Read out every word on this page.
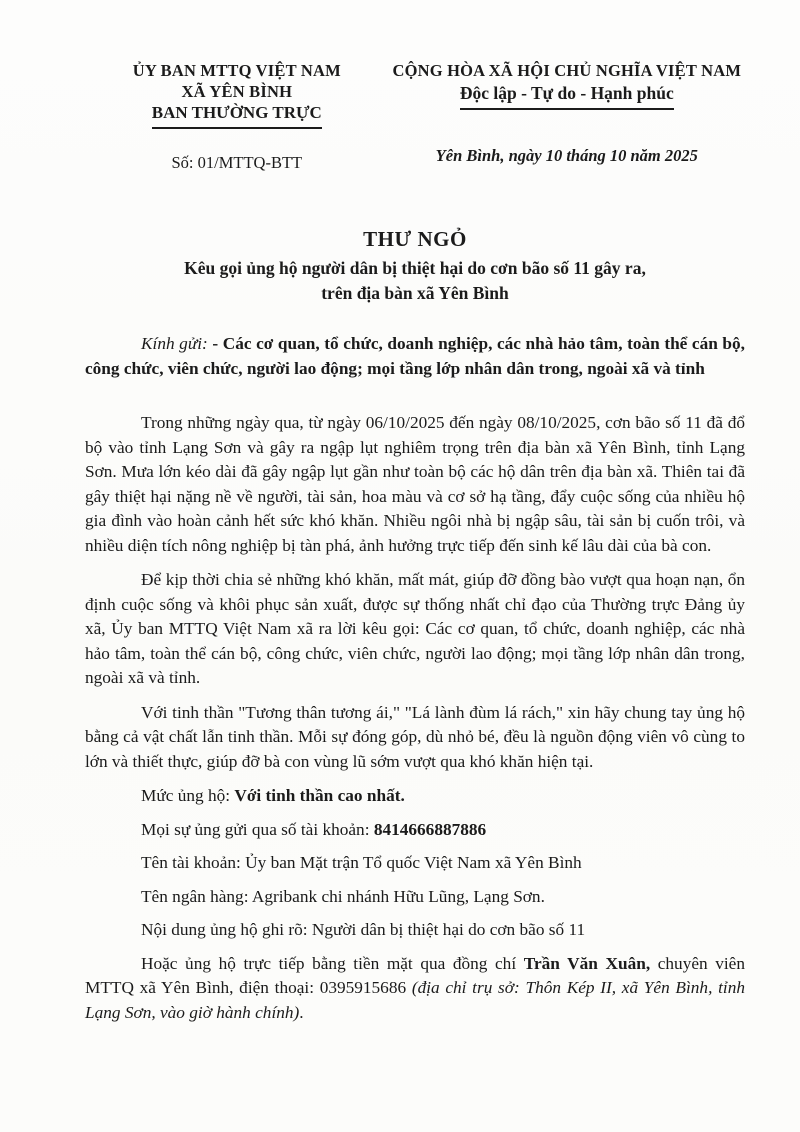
ỦY BAN MTTQ VIỆT NAM
XÃ YÊN BÌNH
BAN THƯỜNG TRỰC
Số: 01/MTTQ-BTT
CỘNG HÒA XÃ HỘI CHỦ NGHĨA VIỆT NAM
Độc lập - Tự do - Hạnh phúc
Yên Bình, ngày 10 tháng 10 năm 2025
THƯ NGỎ
Kêu gọi ủng hộ người dân bị thiệt hại do cơn bão số 11 gây ra,
trên địa bàn xã Yên Bình

Kính gửi: - Các cơ quan, tổ chức, doanh nghiệp, các nhà hảo tâm, toàn thể cán bộ, công chức, viên chức, người lao động; mọi tầng lớp nhân dân trong, ngoài xã và tỉnh

Trong những ngày qua, từ ngày 06/10/2025 đến ngày 08/10/2025, cơn bão số 11 đã đổ bộ vào tỉnh Lạng Sơn và gây ra ngập lụt nghiêm trọng trên địa bàn xã Yên Bình, tỉnh Lạng Sơn. Mưa lớn kéo dài đã gây ngập lụt gần như toàn bộ các hộ dân trên địa bàn xã. Thiên tai đã gây thiệt hại nặng nề về người, tài sản, hoa màu và cơ sở hạ tầng, đẩy cuộc sống của nhiều hộ gia đình vào hoàn cảnh hết sức khó khăn. Nhiều ngôi nhà bị ngập sâu, tài sản bị cuốn trôi, và nhiều diện tích nông nghiệp bị tàn phá, ảnh hưởng trực tiếp đến sinh kế lâu dài của bà con.

Để kịp thời chia sẻ những khó khăn, mất mát, giúp đỡ đồng bào vượt qua hoạn nạn, ổn định cuộc sống và khôi phục sản xuất, được sự thống nhất chỉ đạo của Thường trực Đảng ủy xã, Ủy ban MTTQ Việt Nam xã ra lời kêu gọi: Các cơ quan, tổ chức, doanh nghiệp, các nhà hảo tâm, toàn thể cán bộ, công chức, viên chức, người lao động; mọi tầng lớp nhân dân trong, ngoài xã và tỉnh.

Với tinh thần "Tương thân tương ái," "Lá lành đùm lá rách," xin hãy chung tay ủng hộ bằng cả vật chất lẫn tinh thần. Mỗi sự đóng góp, dù nhỏ bé, đều là nguồn động viên vô cùng to lớn và thiết thực, giúp đỡ bà con vùng lũ sớm vượt qua khó khăn hiện tại.

Mức ủng hộ: Với tinh thần cao nhất.

Mọi sự ủng gửi qua số tài khoản: 8414666887886

Tên tài khoản: Ủy ban Mặt trận Tổ quốc Việt Nam xã Yên Bình

Tên ngân hàng: Agribank chi nhánh Hữu Lũng, Lạng Sơn.

Nội dung ủng hộ ghi rõ: Người dân bị thiệt hại do cơn bão số 11

Hoặc ủng hộ trực tiếp bằng tiền mặt qua đồng chí Trần Văn Xuân, chuyên viên MTTQ xã Yên Bình, điện thoại: 0395915686 (địa chỉ trụ sở: Thôn Kép II, xã Yên Bình, tỉnh Lạng Sơn, vào giờ hành chính).
